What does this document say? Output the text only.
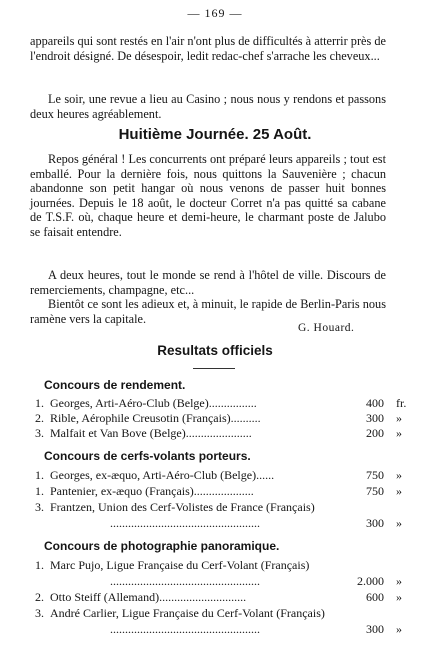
— 169 —

appareils qui sont restés en l'air n'ont plus de difficultés à atterrir près de l'endroit désigné. De désespoir, ledit redac-chef s'arrache les cheveux...

Le soir, une revue a lieu au Casino ; nous nous y rendons et passons deux heures agréablement.

Huitième Journée. 25 Août.

Repos général ! Les concurrents ont préparé leurs appareils ; tout est emballé. Pour la dernière fois, nous quittons la Sauvenière ; chacun abandonne son petit hangar où nous venons de passer huit bonnes journées. Depuis le 18 août, le docteur Corret n'a pas quitté sa cabane de T.S.F. où, chaque heure et demi-heure, le charmant poste de Jalubo se faisait entendre.

A deux heures, tout le monde se rend à l'hôtel de ville. Discours de remerciements, champagne, etc...

Bientôt ce sont les adieux et, à minuit, le rapide de Berlin-Paris nous ramène vers la capitale.

G. Houard.
Resultats officiels
Concours de rendement.
1. Georges, Arti-Aéro-Club (Belge)................	400 fr.
2. Rible, Aérophile Creusotin (Français)..........	300 »
3. Malfait et Van Bove (Belge)......................	200 »
Concours de cerfs-volants porteurs.
1. Georges, ex-æquo, Arti-Aéro-Club (Belge)......	750 »
1. Pantenier, ex-æquo (Français)....................	750 »
3. Frantzen, Union des Cerf-Volistes de France (Français)
..................................................	300 »
Concours de photographie panoramique.
1. Marc Pujo, Ligue Française du Cerf-Volant (Français)
..................................................	2.000 »
2. Otto Steiff (Allemand).............................	600 »
3. André Carlier, Ligue Française du Cerf-Volant (Français)
..................................................	300 »
